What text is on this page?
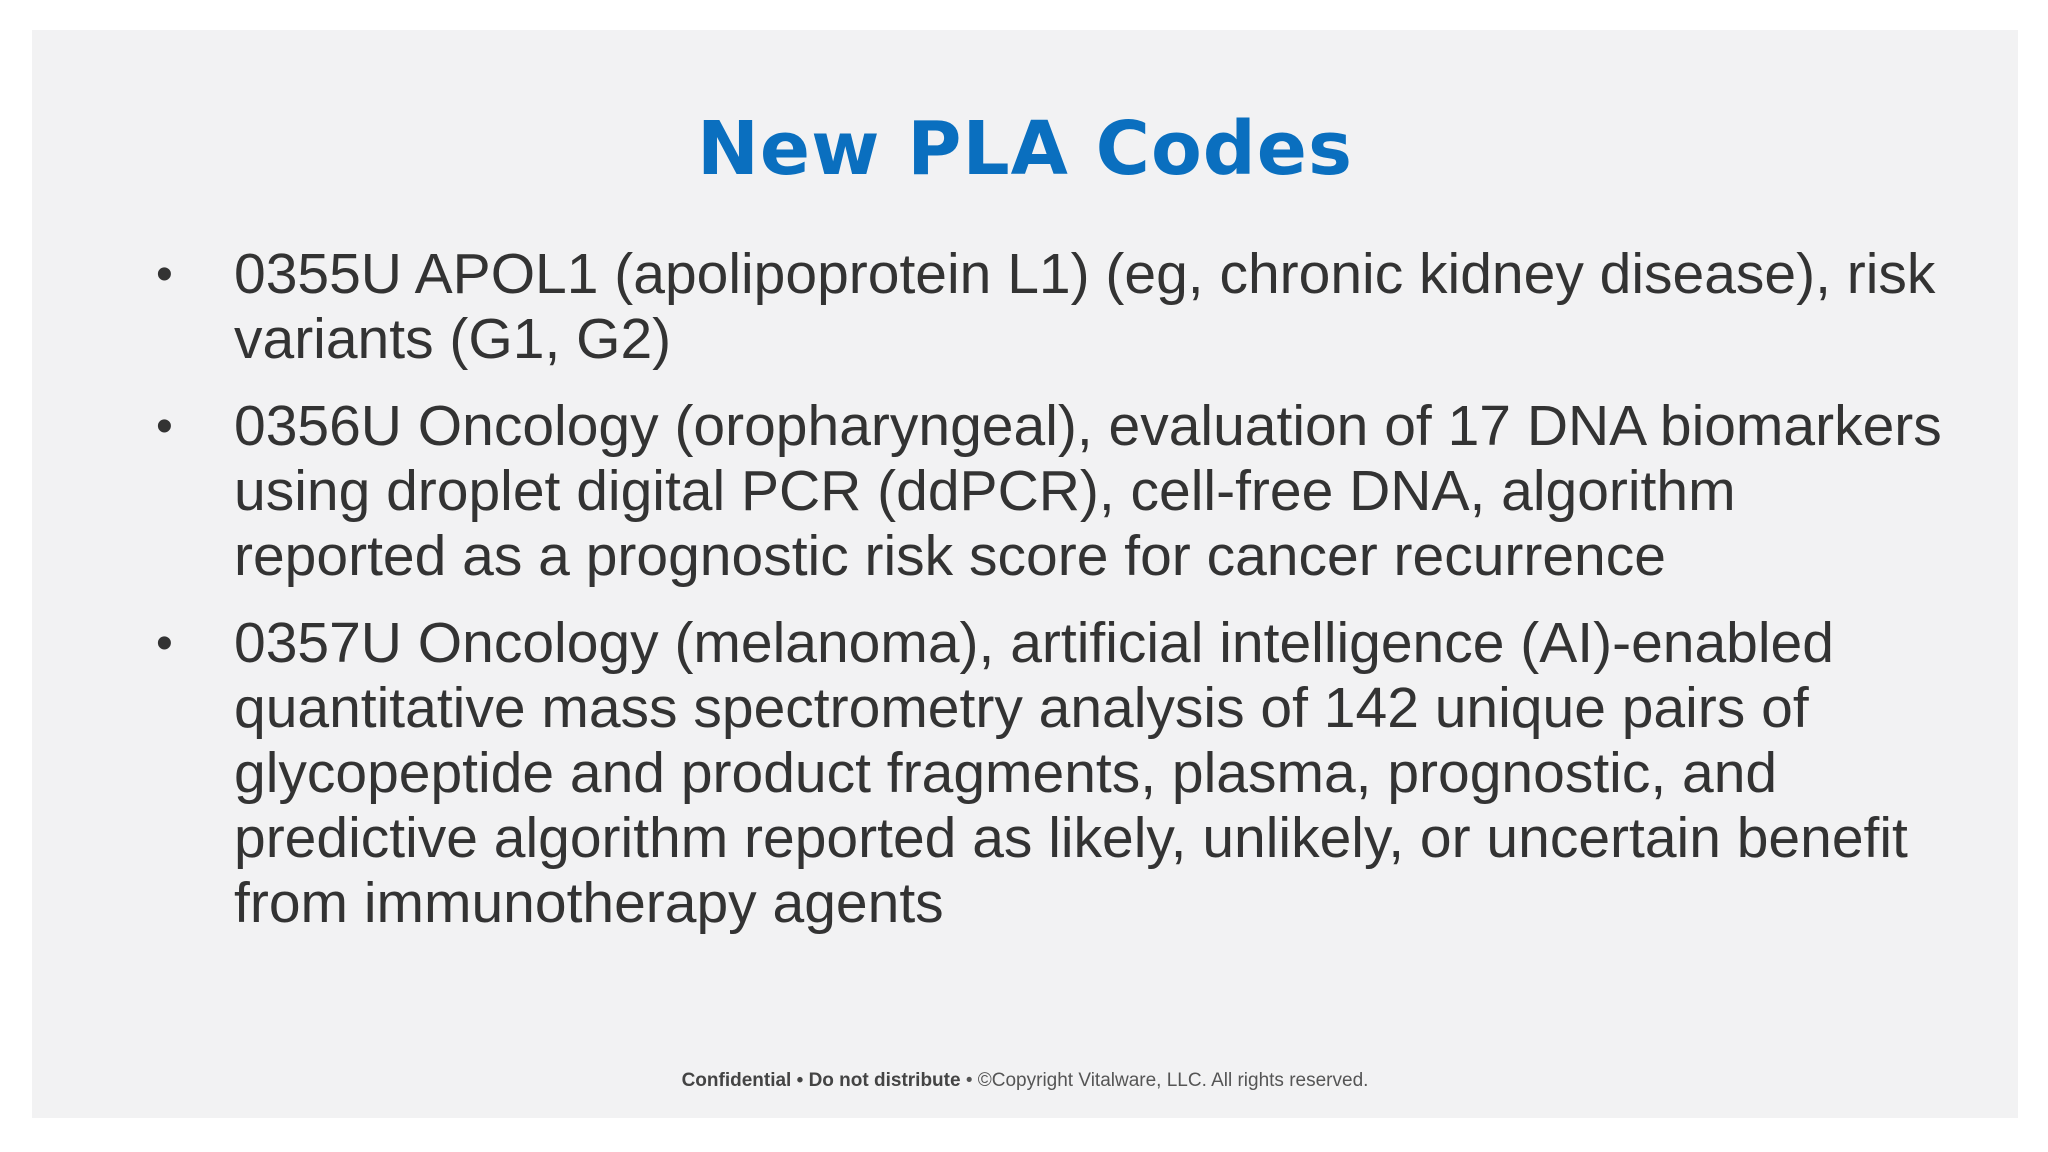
New PLA Codes
•	0355U APOL1 (apolipoprotein L1) (eg, chronic kidney disease), risk variants (G1, G2)
•	0356U Oncology (oropharyngeal), evaluation of 17 DNA biomarkers using droplet digital PCR (ddPCR), cell-free DNA, algorithm reported as a prognostic risk score for cancer recurrence
•	0357U Oncology (melanoma), artificial intelligence (AI)-enabled quantitative mass spectrometry analysis of 142 unique pairs of glycopeptide and product fragments, plasma, prognostic, and predictive algorithm reported as likely, unlikely, or uncertain benefit from immunotherapy agents
Confidential • Do not distribute • ©Copyright Vitalware, LLC. All rights reserved.
